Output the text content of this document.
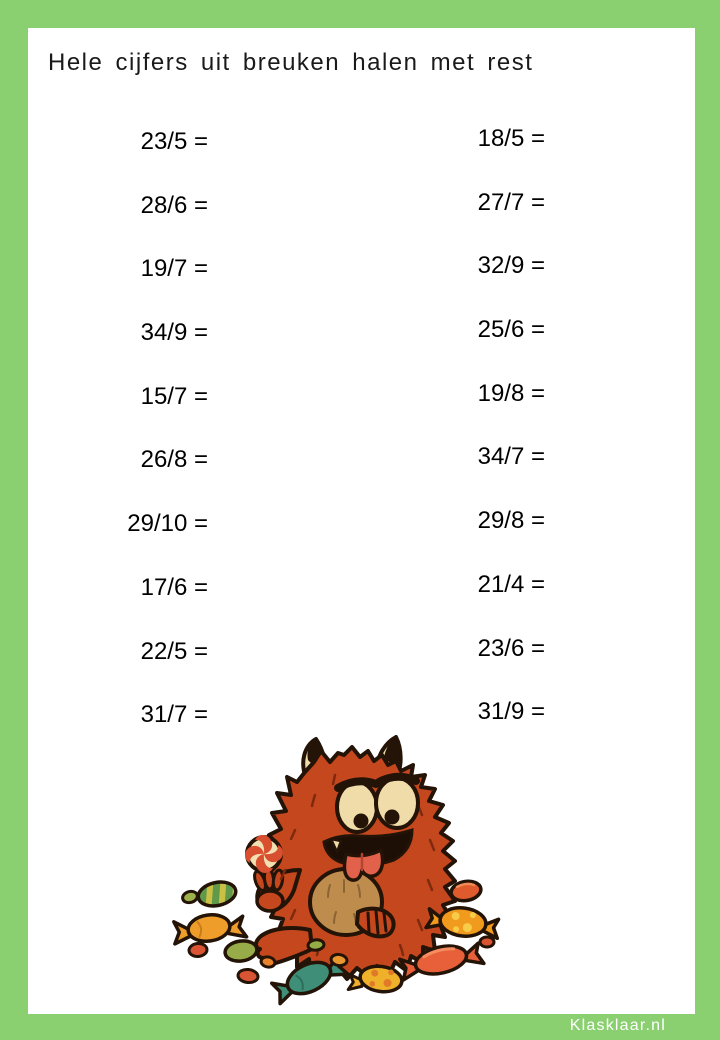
Hele cijfers uit breuken halen met rest
23/5 =
28/6 =
19/7 =
34/9 =
15/7 =
26/8 =
29/10 =
17/6 =
22/5 =
31/7 =
18/5 =
27/7 =
32/9 =
25/6 =
19/8 =
34/7 =
29/8 =
21/4 =
23/6 =
31/9 =
Klasklaar.nl
